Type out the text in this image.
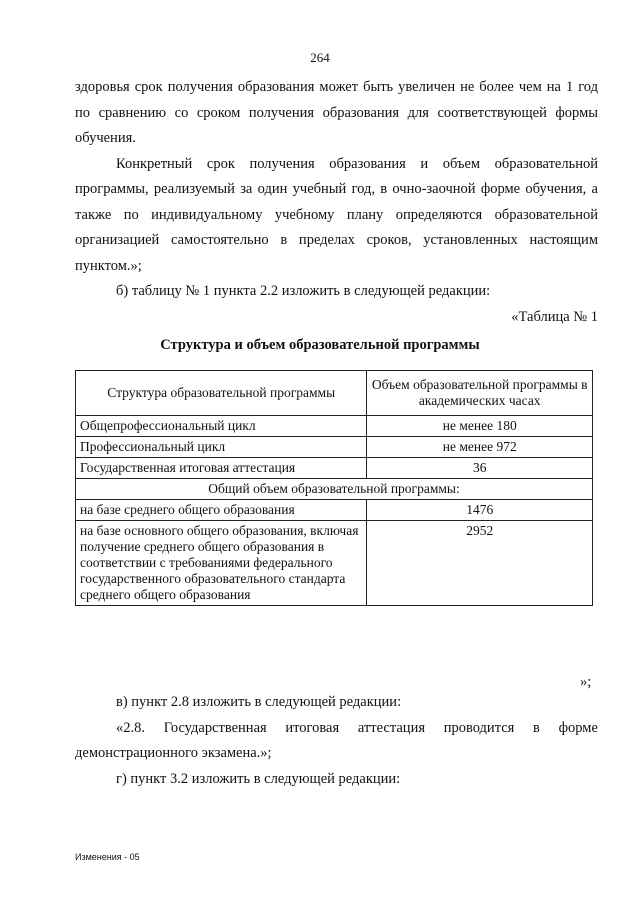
264

здоровья срок получения образования может быть увеличен не более чем на 1 год по сравнению со сроком получения образования для соответствующей формы обучения.

Конкретный срок получения образования и объем образовательной программы, реализуемый за один учебный год, в очно-заочной форме обучения, а также по индивидуальному учебному плану определяются образовательной организацией самостоятельно в пределах сроков, установленных настоящим пунктом.»;

б) таблицу № 1 пункта 2.2 изложить в следующей редакции:

«Таблица № 1

Структура и объем образовательной программы
Структура образовательной программы	Объем образовательной программы в академических часах
Общепрофессиональный цикл	не менее 180
Профессиональный цикл	не менее 972
Государственная итоговая аттестация	36
Общий объем образовательной программы:	
на базе среднего общего образования	1476
на базе основного общего образования, включая получение среднего общего образования в соответствии с требованиями федерального государственного образовательного стандарта среднего общего образования	2952
»;

в) пункт 2.8 изложить в следующей редакции:

«2.8. Государственная итоговая аттестация проводится в форме

демонстрационного экзамена.»;

г) пункт 3.2 изложить в следующей редакции:

Изменения - 05
